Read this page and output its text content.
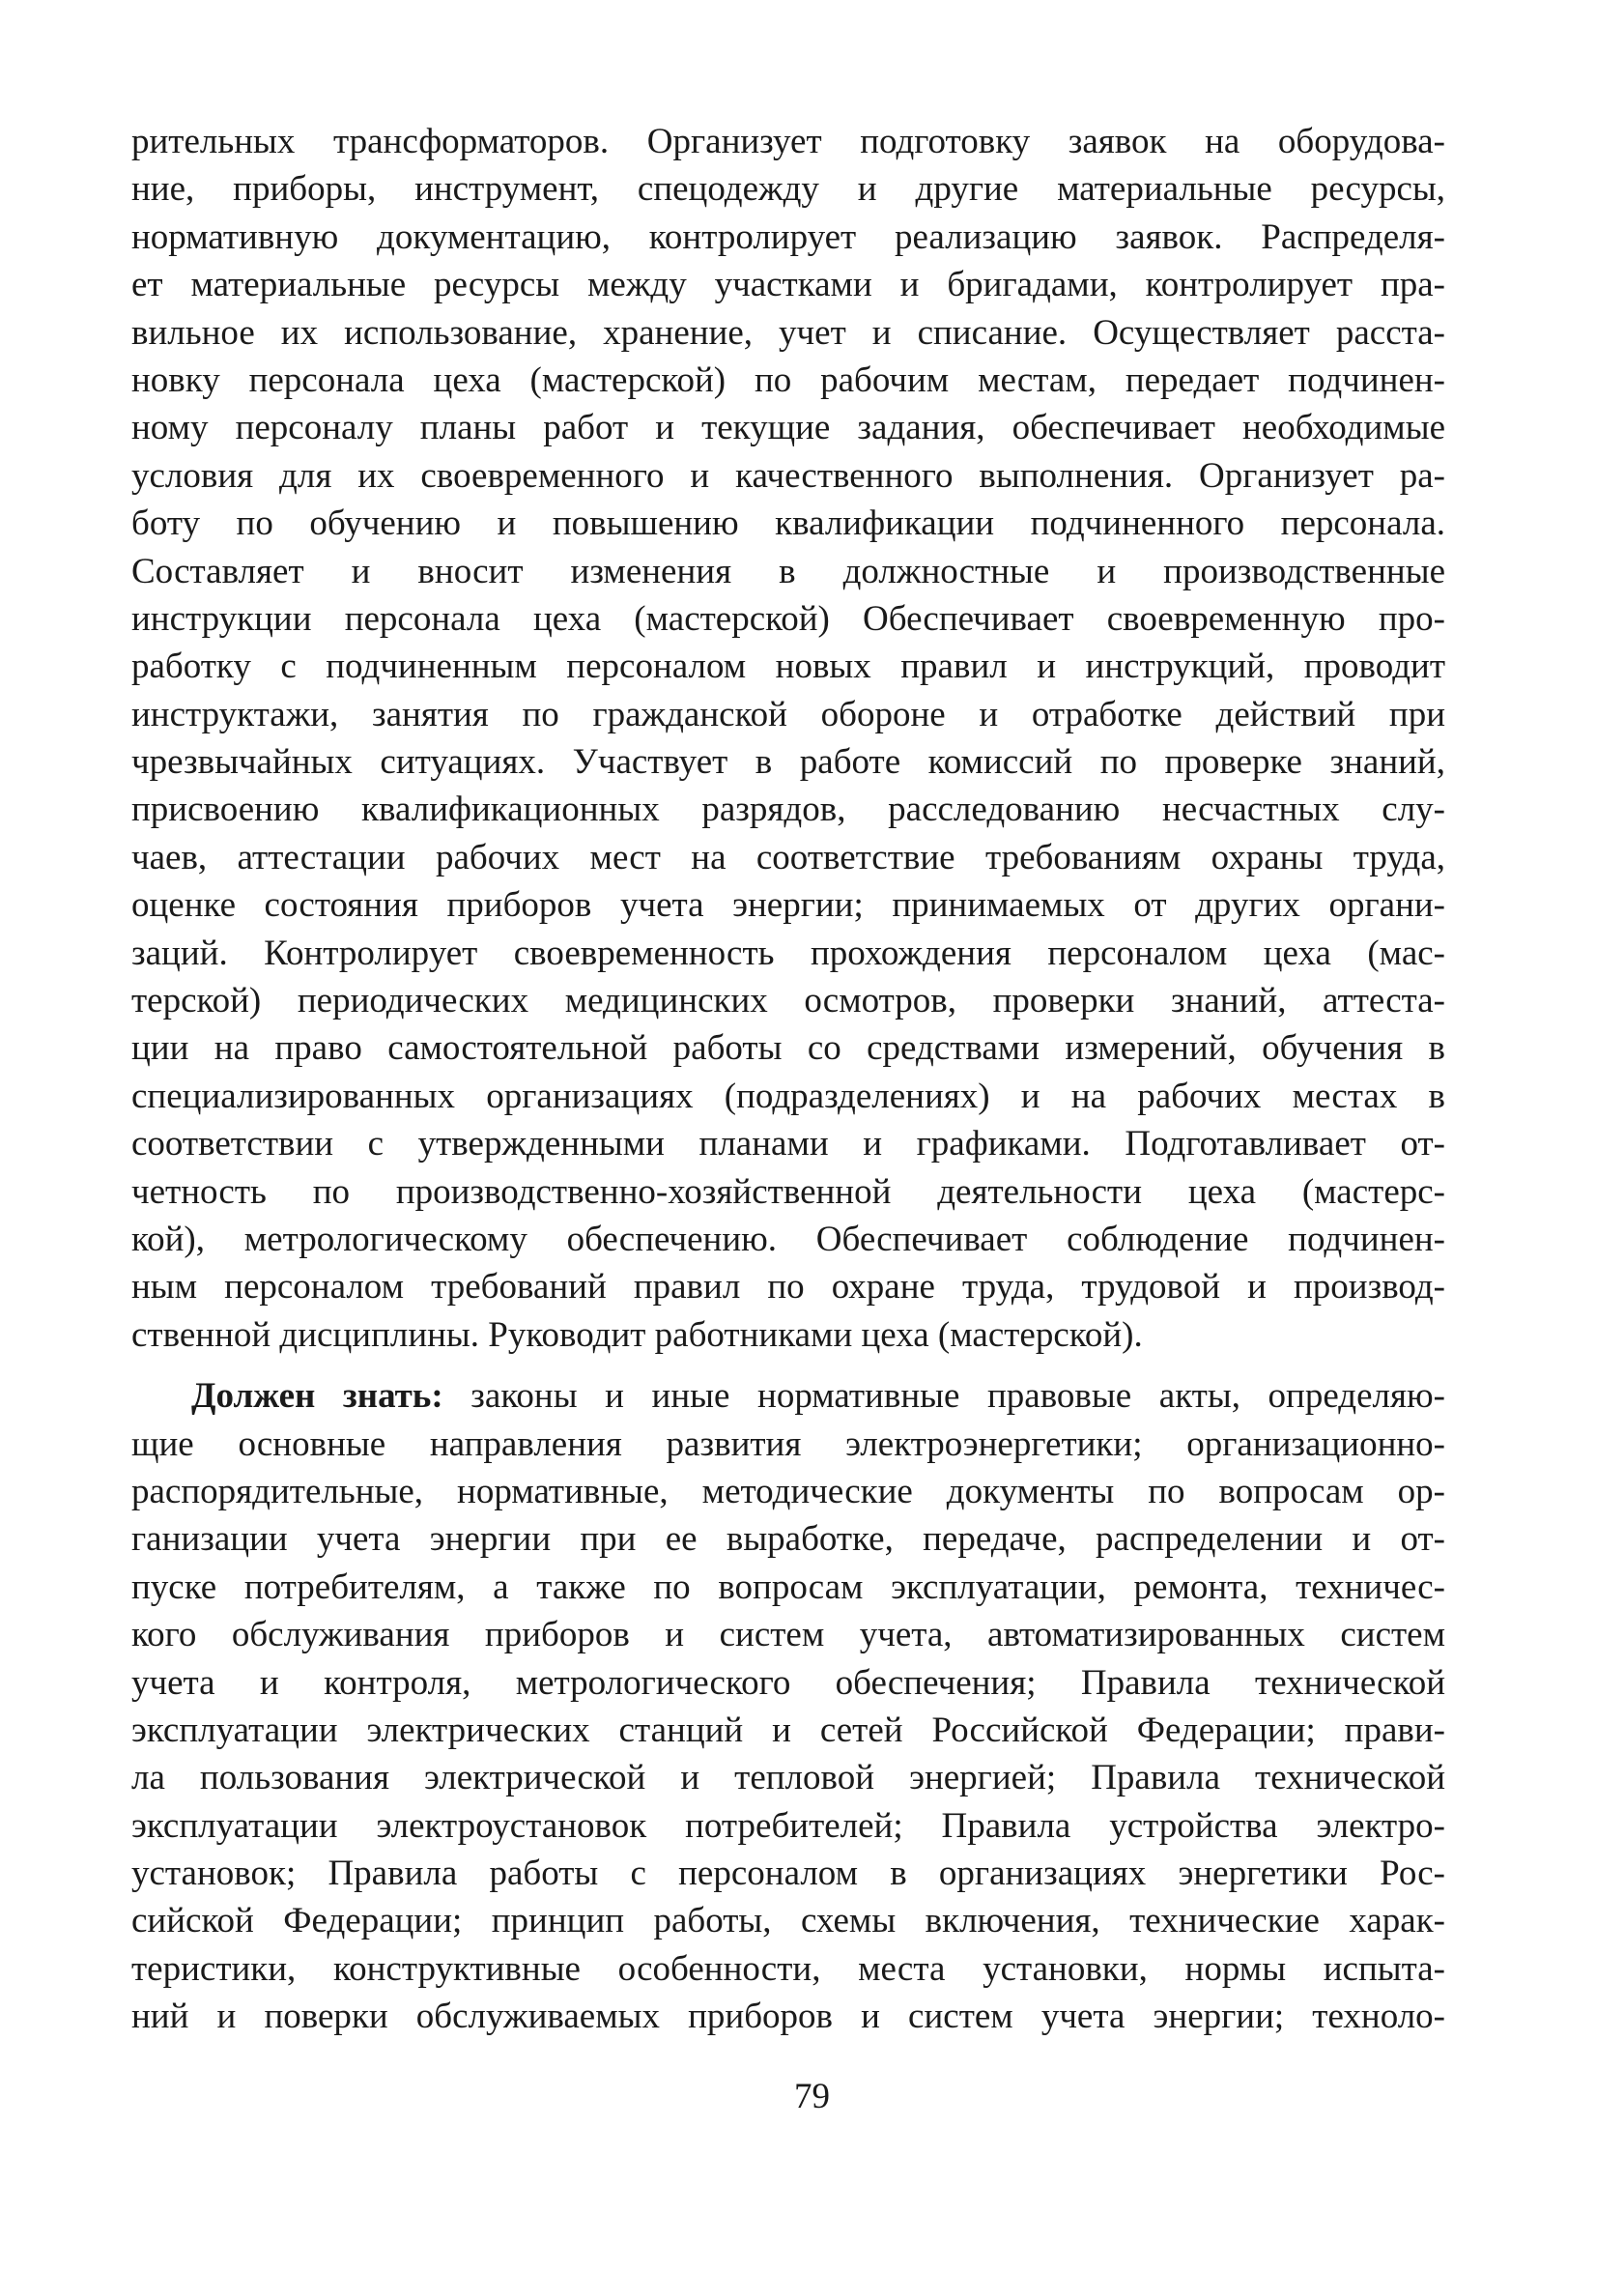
рительных трансформаторов. Организует подготовку заявок на оборудова-
ние, приборы, инструмент, спецодежду и другие материальные ресурсы,
нормативную документацию, контролирует реализацию заявок. Распределя-
ет материальные ресурсы между участками и бригадами, контролирует пра-
вильное их использование, хранение, учет и списание. Осуществляет расста-
новку персонала цеха (мастерской) по рабочим местам, передает подчинен-
ному персоналу планы работ и текущие задания, обеспечивает необходимые
условия для их своевременного и качественного выполнения. Организует ра-
боту по обучению и повышению квалификации подчиненного персонала.
Составляет и вносит изменения в должностные и производственные
инструкции персонала цеха (мастерской) Обеспечивает своевременную про-
работку с подчиненным персоналом новых правил и инструкций, проводит
инструктажи, занятия по гражданской обороне и отработке действий при
чрезвычайных ситуациях. Участвует в работе комиссий по проверке знаний,
присвоению квалификационных разрядов, расследованию несчастных слу-
чаев, аттестации рабочих мест на соответствие требованиям охраны труда,
оценке состояния приборов учета энергии; принимаемых от других органи-
заций. Контролирует своевременность прохождения персоналом цеха (мас-
терской) периодических медицинских осмотров, проверки знаний, аттеста-
ции на право самостоятельной работы со средствами измерений, обучения в
специализированных организациях (подразделениях) и на рабочих местах в
соответствии с утвержденными планами и графиками. Подготавливает от-
четность по производственно-хозяйственной деятельности цеха (мастерс-
кой), метрологическому обеспечению. Обеспечивает соблюдение подчинен-
ным персоналом требований правил по охране труда, трудовой и производ-
ственной дисциплины. Руководит работниками цеха (мастерской).
Должен знать: законы и иные нормативные правовые акты, определяю-
щие основные направления развития электроэнергетики; организационно-
распорядительные, нормативные, методические документы по вопросам ор-
ганизации учета энергии при ее выработке, передаче, распределении и от-
пуске потребителям, а также по вопросам эксплуатации, ремонта, техничес-
кого обслуживания приборов и систем учета, автоматизированных систем
учета и контроля, метрологического обеспечения; Правила технической
эксплуатации электрических станций и сетей Российской Федерации; прави-
ла пользования электрической и тепловой энергией; Правила технической
эксплуатации электроустановок потребителей; Правила устройства электро-
установок; Правила работы с персоналом в организациях энергетики Рос-
сийской Федерации; принцип работы, схемы включения, технические харак-
теристики, конструктивные особенности, места установки, нормы испыта-
ний и поверки обслуживаемых приборов и систем учета энергии; техноло-
79
